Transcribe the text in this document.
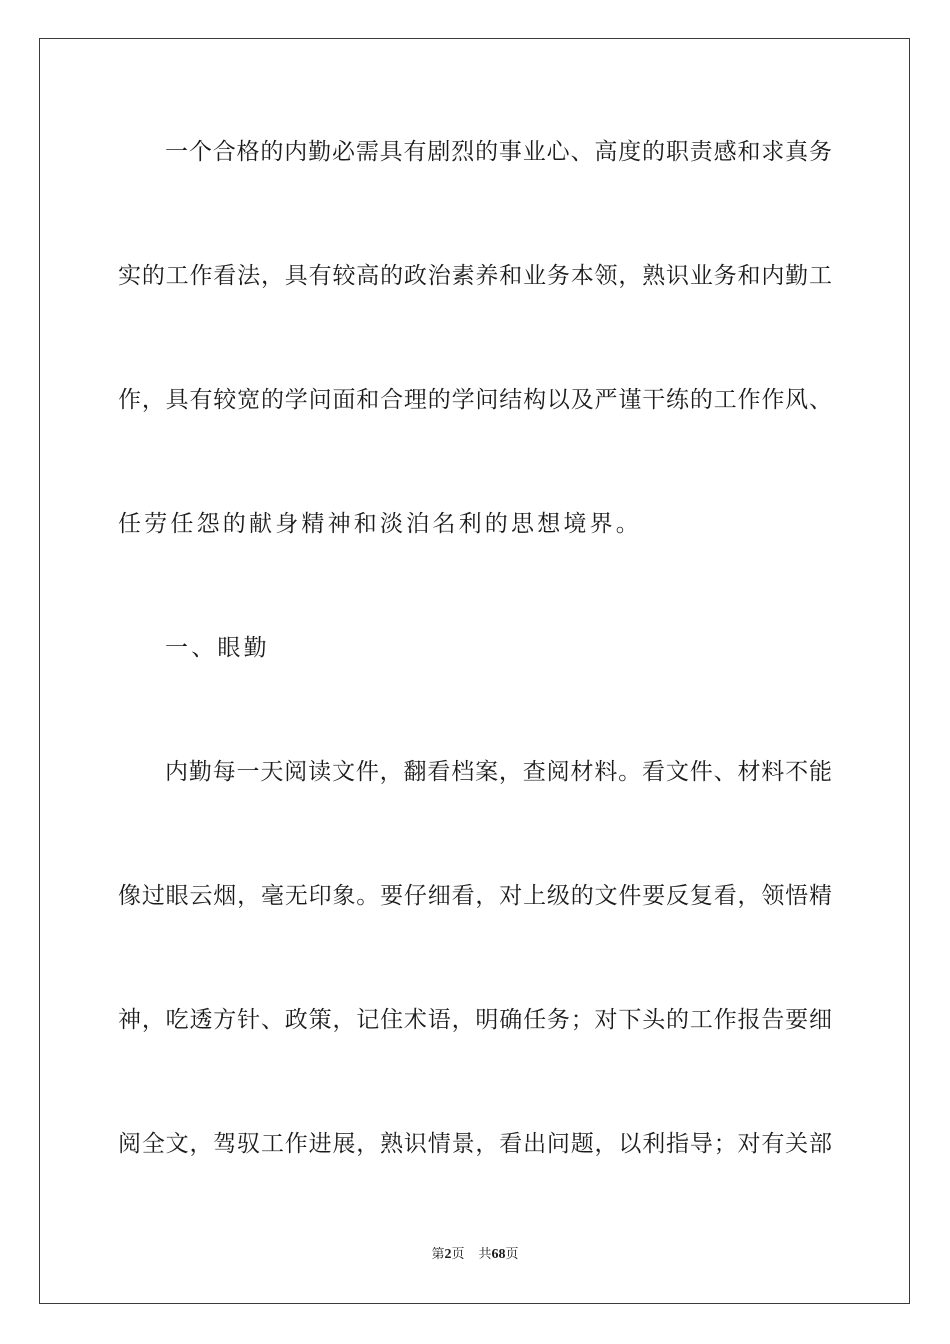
一个合格的内勤必需具有剧烈的事业心、高度的职责感和求真务
实的工作看法，具有较高的政治素养和业务本领，熟识业务和内勤工
作，具有较宽的学问面和合理的学问结构以及严谨干练的工作作风、
任劳任怨的献身精神和淡泊名利的思想境界。
一、眼勤
内勤每一天阅读文件，翻看档案，查阅材料。看文件、材料不能
像过眼云烟，毫无印象。要仔细看，对上级的文件要反复看，领悟精
神，吃透方针、政策，记住术语，明确任务；对下头的工作报告要细
阅全文，驾驭工作进展，熟识情景，看出问题，以利指导；对有关部
第2页 共68页
